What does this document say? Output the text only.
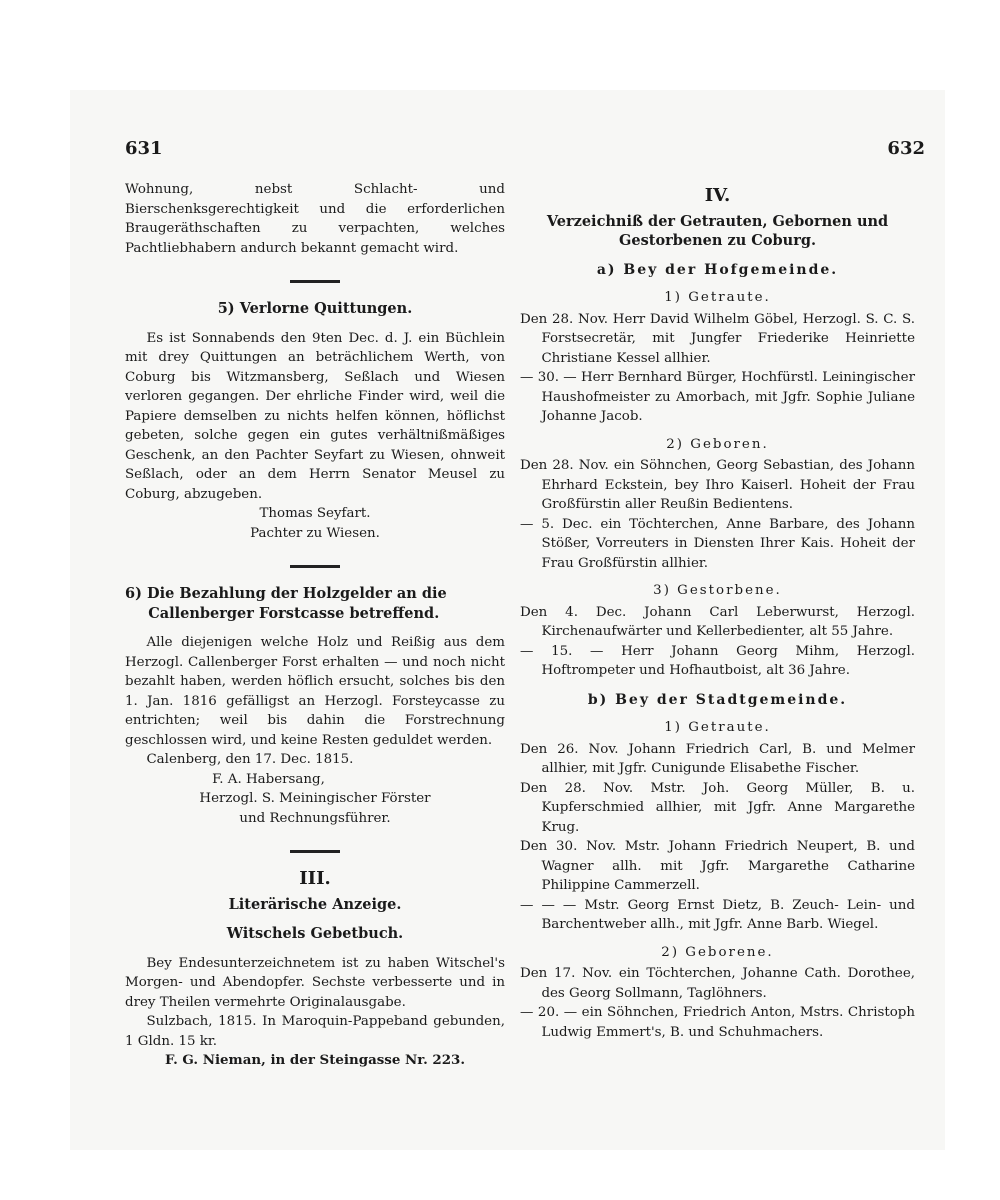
631	632

Wohnung, nebst Schlacht- und Bierschenksgerechtigkeit und die erforderlichen Braugeräthschaften zu verpachten, welches Pachtliebhabern andurch bekannt gemacht wird.

5) Verlorne Quittungen.

Es ist Sonnabends den 9ten Dec. d. J. ein Büchlein mit drey Quittungen an beträchlichem Werth, von Coburg bis Witzmansberg, Seßlach und Wiesen verloren gegangen. Der ehrliche Finder wird, weil die Papiere demselben zu nichts helfen können, höflichst gebeten, solche gegen ein gutes verhältnißmäßiges Geschenk, an den Pachter Seyfart zu Wiesen, ohnweit Seßlach, oder an dem Herrn Senator Meusel zu Coburg, abzugeben.

Thomas Seyfart.
Pachter zu Wiesen.
6) Die Bezahlung der Holzgelder an die Callenberger Forstcasse betreffend.

Alle diejenigen welche Holz und Reißig aus dem Herzogl. Callenberger Forst erhalten — und noch nicht bezahlt haben, werden höflich ersucht, solches bis den 1. Jan. 1816 gefälligst an Herzogl. Forsteycasse zu entrichten; weil bis dahin die Forstrechnung geschlossen wird, und keine Resten geduldet werden.

Calenberg, den 17. Dec. 1815.
F. A. Habersang,
Herzogl. S. Meiningischer Förster
und Rechnungsführer.
III.
Literärische Anzeige.
Witschels Gebetbuch.

Bey Endesunterzeichnetem ist zu haben Witschel's Morgen- und Abendopfer. Sechste verbesserte und in drey Theilen vermehrte Originalausgabe.

Sulzbach, 1815. In Maroquin-Pappeband gebunden, 1 Gldn. 15 kr.

F. G. Nieman, in der Steingasse Nr. 223.
IV.
Verzeichniß der Getrauten, Gebornen und Gestorbenen zu Coburg.
a) Bey der Hofgemeinde.
1) Getraute.

Den 28. Nov. Herr David Wilhelm Göbel, Herzogl. S. C. S. Forstsecretär, mit Jungfer Friederike Heinriette Christiane Kessel allhier.

— 30. — Herr Bernhard Bürger, Hochfürstl. Leiningischer Haushofmeister zu Amorbach, mit Jgfr. Sophie Juliane Johanne Jacob.

2) Geboren.

Den 28. Nov. ein Söhnchen, Georg Sebastian, des Johann Ehrhard Eckstein, bey Ihro Kaiserl. Hoheit der Frau Großfürstin aller Reußin Bedientens.

— 5. Dec. ein Töchterchen, Anne Barbare, des Johann Stößer, Vorreuters in Diensten Ihrer Kais. Hoheit der Frau Großfürstin allhier.

3) Gestorbene.

Den 4. Dec. Johann Carl Leberwurst, Herzogl. Kirchenaufwärter und Kellerbedienter, alt 55 Jahre.

— 15. — Herr Johann Georg Mihm, Herzogl. Hoftrompeter und Hofhautboist, alt 36 Jahre.

b) Bey der Stadtgemeinde.
1) Getraute.

Den 26. Nov. Johann Friedrich Carl, B. und Melmer allhier, mit Jgfr. Cunigunde Elisabethe Fischer.

Den 28. Nov. Mstr. Joh. Georg Müller, B. u. Kupferschmied allhier, mit Jgfr. Anne Margarethe Krug.

Den 30. Nov. Mstr. Johann Friedrich Neupert, B. und Wagner allh. mit Jgfr. Margarethe Catharine Philippine Cammerzell.

— — — Mstr. Georg Ernst Dietz, B. Zeuch- Lein- und Barchentweber allh., mit Jgfr. Anne Barb. Wiegel.

2) Geborene.

Den 17. Nov. ein Töchterchen, Johanne Cath. Dorothee, des Georg Sollmann, Taglöhners.

— 20. — ein Söhnchen, Friedrich Anton, Mstrs. Christoph Ludwig Emmert's, B. und Schuhmachers.
